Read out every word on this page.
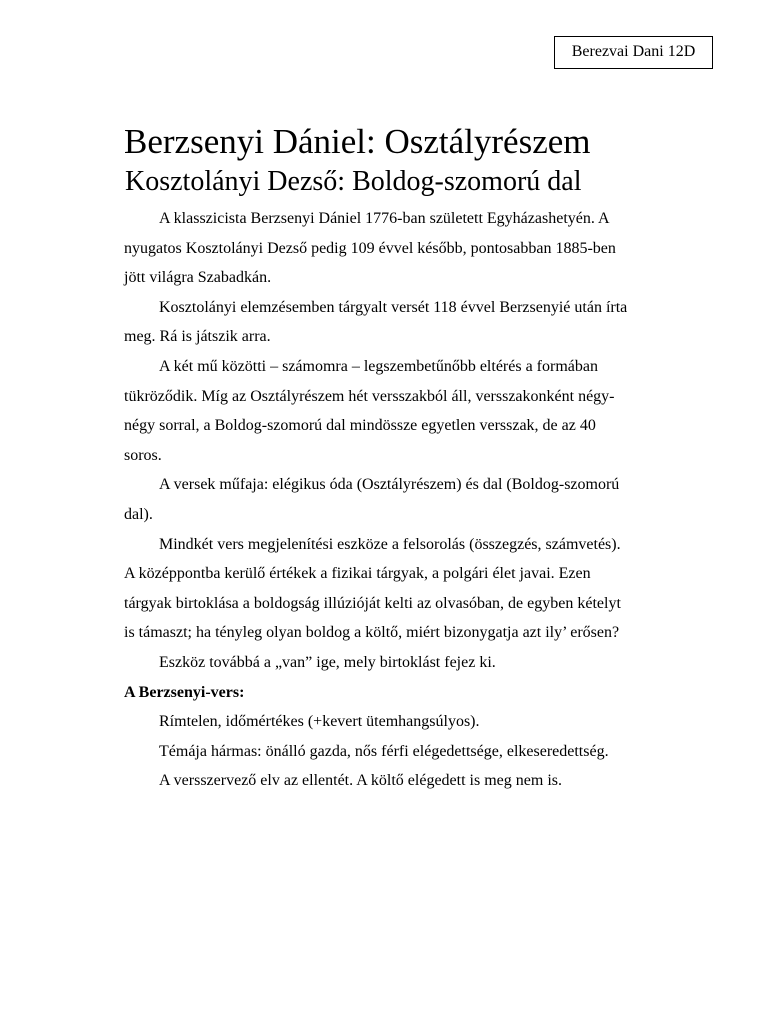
Berezvai Dani 12D
Berzsenyi Dániel: Osztályrészem
Kosztolányi Dezső: Boldog-szomorú dal

A klasszicista Berzsenyi Dániel 1776-ban született Egyházashetyén. A nyugatos Kosztolányi Dezső pedig 109 évvel később, pontosabban 1885-ben jött világra Szabadkán.

Kosztolányi elemzésemben tárgyalt versét 118 évvel Berzsenyié után írta meg. Rá is játszik arra.

A két mű közötti – számomra – legszembetűnőbb eltérés a formában tükröződik. Míg az Osztályrészem hét versszakból áll, versszakonként négy-négy sorral, a Boldog-szomorú dal mindössze egyetlen versszak, de az 40 soros.

A versek műfaja: elégikus óda (Osztályrészem) és dal (Boldog-szomorú dal).

Mindkét vers megjelenítési eszköze a felsorolás (összegzés, számvetés). A középpontba kerülő értékek a fizikai tárgyak, a polgári élet javai. Ezen tárgyak birtoklása a boldogság illúzióját kelti az olvasóban, de egyben kételyt is támaszt; ha tényleg olyan boldog a költő, miért bizonygatja azt ily’ erősen?

Eszköz továbbá a „van” ige, mely birtoklást fejez ki.

A Berzsenyi-vers:

Rímtelen, időmértékes (+kevert ütemhangsúlyos).

Témája hármas: önálló gazda, nős férfi elégedettsége, elkeseredettség.

A versszervező elv az ellentét. A költő elégedett is meg nem is.
